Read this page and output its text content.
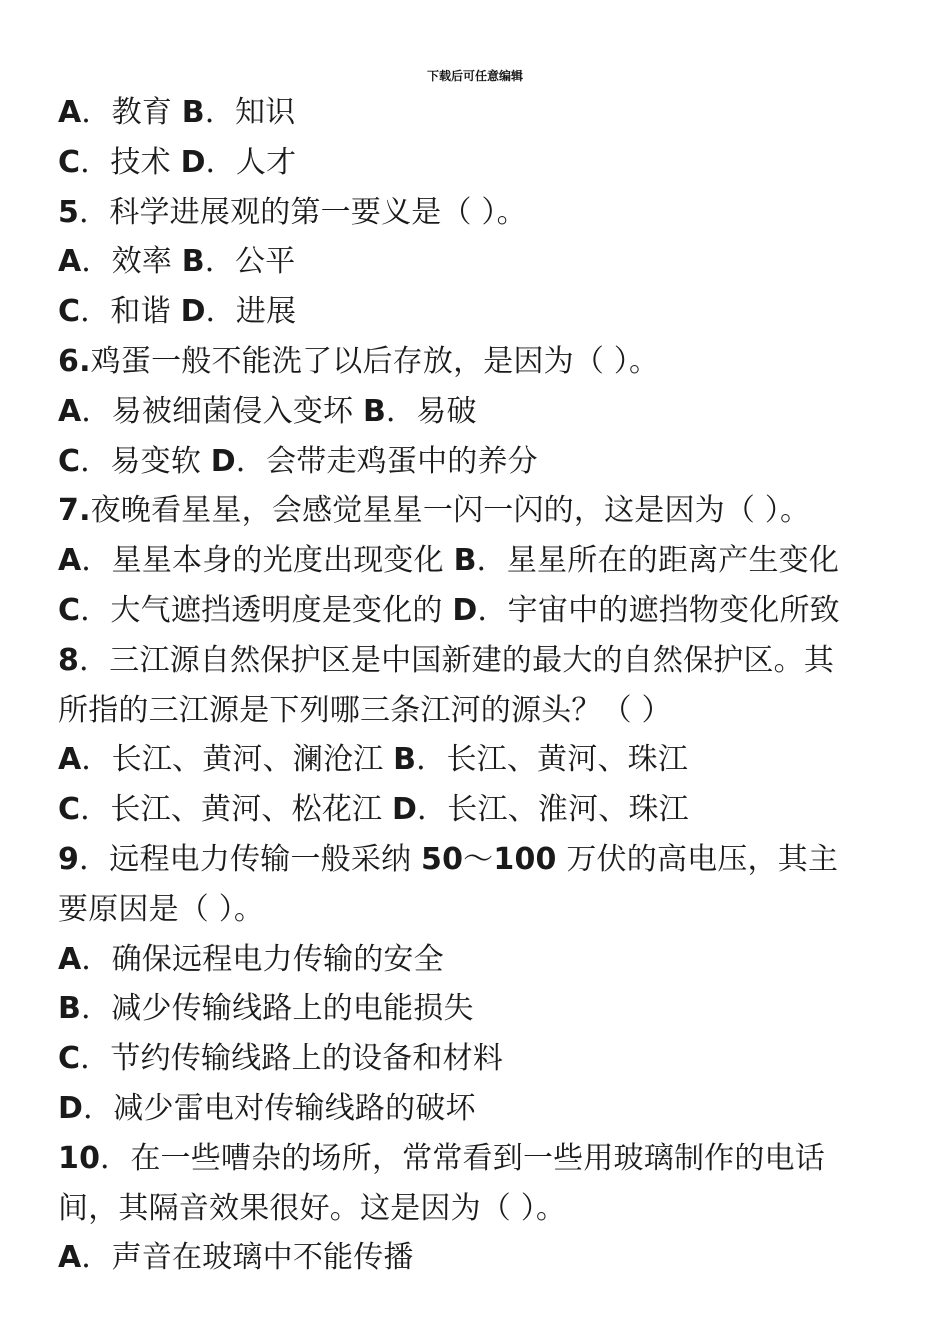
下载后可任意编辑
A．教育 B．知识
C．技术 D．人才
5．科学进展观的第一要义是（ ）。
A．效率 B．公平
C．和谐 D．进展
6.鸡蛋一般不能洗了以后存放，是因为（ ）。
A．易被细菌侵入变坏 B．易破
C．易变软 D．会带走鸡蛋中的养分
7.夜晚看星星，会感觉星星一闪一闪的，这是因为（ ）。
A．星星本身的光度出现变化 B．星星所在的距离产生变化
C．大气遮挡透明度是变化的 D．宇宙中的遮挡物变化所致
8．三江源自然保护区是中国新建的最大的自然保护区。其
所指的三江源是下列哪三条江河的源头？（ ）
A．长江、黄河、澜沧江 B．长江、黄河、珠江
C．长江、黄河、松花江 D．长江、淮河、珠江
9．远程电力传输一般采纳 50～100 万伏的高电压，其主
要原因是（ ）。
A．确保远程电力传输的安全
B．减少传输线路上的电能损失
C．节约传输线路上的设备和材料
D．减少雷电对传输线路的破坏
10．在一些嘈杂的场所，常常看到一些用玻璃制作的电话
间，其隔音效果很好。这是因为（ ）。
A．声音在玻璃中不能传播
